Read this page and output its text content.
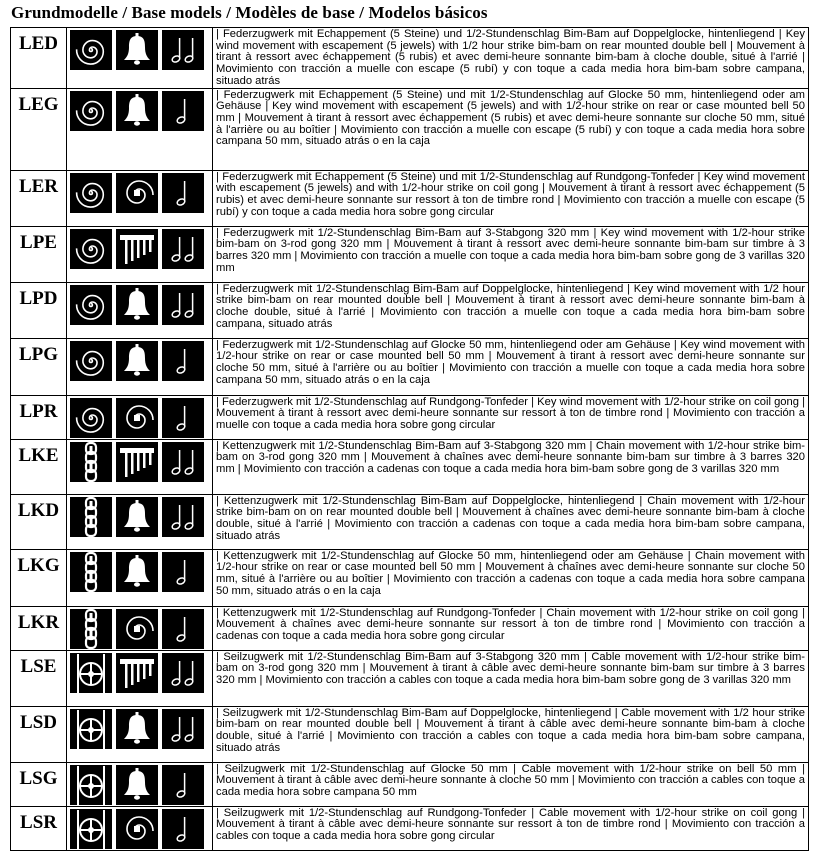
Grundmodelle / Base models / Modèles de base / Modelos básicos
LED		| Federzugwerk mit Echappement (5 Steine) und 1/2-Stundenschlag Bim-Bam auf Doppelglocke, hintenliegend | Key wind movement with escapement (5 jewels) with 1/2 hour strike bim-bam on rear mounted double bell | Mouvement à tirant à ressort avec échappement (5 rubis) et avec demi-heure sonnante bim-bam à cloche double, situé à l'arrié | Movimiento con tracción a muelle con escape (5 rubí) y con toque a cada media hora bim-bam sobre campana, situado atrás
LEG		| Federzugwerk mit Echappement (5 Steine) und mit 1/2-Stundenschlag auf Glocke 50 mm, hintenliegend oder am Gehäuse | Key wind movement with escapement (5 jewels) and with 1/2-hour strike on rear or case mounted bell 50 mm | Mouvement à tirant à ressort avec échappement (5 rubis) et avec demi-heure sonnante sur cloche 50 mm, situé à l'arrière ou au boîtier | Movimiento con tracción a muelle con escape (5 rubí) y con toque a cada media hora sobre campana 50 mm, situado atrás o en la caja
LER		| Federzugwerk mit Echappement (5 Steine) und mit 1/2-Stundenschlag auf Rundgong-Tonfeder | Key wind movement with escapement (5 jewels) and with 1/2-hour strike on coil gong | Mouvement à tirant à ressort avec échappement (5 rubis) et avec demi-heure sonnante sur ressort à ton de timbre rond | Movimiento con tracción a muelle con escape (5 rubí) y con toque a cada media hora sobre gong circular
LPE		| Federzugwerk mit 1/2-Stundenschlag Bim-Bam auf 3-Stabgong 320 mm | Key wind movement with 1/2-hour strike bim-bam on 3-rod gong 320 mm | Mouvement à tirant à ressort avec demi-heure sonnante bim-bam sur timbre à 3 barres 320 mm | Movimiento con tracción a muelle con toque a cada media hora bim-bam sobre gong de 3 varillas 320 mm
LPD		| Federzugwerk mit 1/2-Stundenschlag Bim-Bam auf Doppelglocke, hintenliegend | Key wind movement with 1/2 hour strike bim-bam on rear mounted double bell | Mouvement à tirant à ressort avec demi-heure sonnante bim-bam à cloche double, situé à l'arrié | Movimiento con tracción a muelle con toque a cada media hora bim-bam sobre campana, situado atrás
LPG		| Federzugwerk mit 1/2-Stundenschlag auf Glocke 50 mm, hintenliegend oder am Gehäuse | Key wind movement with 1/2-hour strike on rear or case mounted bell 50 mm | Mouvement à tirant à ressort avec demi-heure sonnante sur cloche 50 mm, situé à l'arrière ou au boîtier | Movimiento con tracción a muelle con toque a cada media hora sobre campana 50 mm, situado atrás o en la caja
LPR		| Federzugwerk mit 1/2-Stundenschlag auf Rundgong-Tonfeder | Key wind movement with 1/2-hour strike on coil gong | Mouvement à tirant à ressort avec demi-heure sonnante sur ressort à ton de timbre rond | Movimiento con tracción a muelle con toque a cada media hora sobre gong circular
LKE		| Kettenzugwerk mit 1/2-Stundenschlag Bim-Bam auf 3-Stabgong 320 mm | Chain movement with 1/2-hour strike bim-bam on 3-rod gong 320 mm | Mouvement à chaînes avec demi-heure sonnante bim-bam sur timbre à 3 barres 320 mm | Movimiento con tracción a cadenas con toque a cada media hora bim-bam sobre gong de 3 varillas 320 mm
LKD		| Kettenzugwerk mit 1/2-Stundenschlag Bim-Bam auf Doppelglocke, hintenliegend | Chain movement with 1/2-hour strike bim-bam on on rear mounted double bell | Mouvement à chaînes avec demi-heure sonnante bim-bam à cloche double, situé à l'arrié | Movimiento con tracción a cadenas con toque a cada media hora bim-bam sobre campana, situado atrás
LKG		| Kettenzugwerk mit 1/2-Stundenschlag auf Glocke 50 mm, hintenliegend oder am Gehäuse | Chain movement with 1/2-hour strike on rear or case mounted bell 50 mm | Mouvement à chaînes avec demi-heure sonnante sur cloche 50 mm, situé à l'arrière ou au boîtier | Movimiento con tracción a cadenas con toque a cada media hora sobre campana 50 mm, situado atrás o en la caja
LKR		| Kettenzugwerk mit 1/2-Stundenschlag auf Rundgong-Tonfeder | Chain movement with 1/2-hour strike on coil gong | Mouvement à chaînes avec demi-heure sonnante sur ressort à ton de timbre rond | Movimiento con tracción a cadenas con toque a cada media hora sobre gong circular
LSE		| Seilzugwerk mit 1/2-Stundenschlag Bim-Bam auf 3-Stabgong 320 mm | Cable movement with 1/2-hour strike bim-bam on 3-rod gong 320 mm | Mouvement à tirant à câble avec demi-heure sonnante bim-bam sur timbre à 3 barres 320 mm | Movimiento con tracción a cables con toque a cada media hora bim-bam sobre gong de 3 varillas 320 mm
LSD		| Seilzugwerk mit 1/2-Stundenschlag Bim-Bam auf Doppelglocke, hintenliegend | Cable movement with 1/2 hour strike bim-bam on rear mounted double bell | Mouvement à tirant à câble avec demi-heure sonnante bim-bam à cloche double, situé à l'arrié | Movimiento con tracción a cables con toque a cada media hora bim-bam sobre campana, situado atrás
LSG		| Seilzugwerk mit 1/2-Stundenschlag auf Glocke 50 mm | Cable movement with 1/2-hour strike on bell 50 mm | Mouvement à tirant à câble avec demi-heure sonnante à cloche 50 mm | Movimiento con tracción a cables con toque a cada media hora sobre campana 50 mm
LSR		| Seilzugwerk mit 1/2-Stundenschlag auf Rundgong-Tonfeder | Cable movement with 1/2-hour strike on coil gong | Mouvement à tirant à câble avec demi-heure sonnante sur ressort à ton de timbre rond | Movimiento con tracción a cables con toque a cada media hora sobre gong circular
